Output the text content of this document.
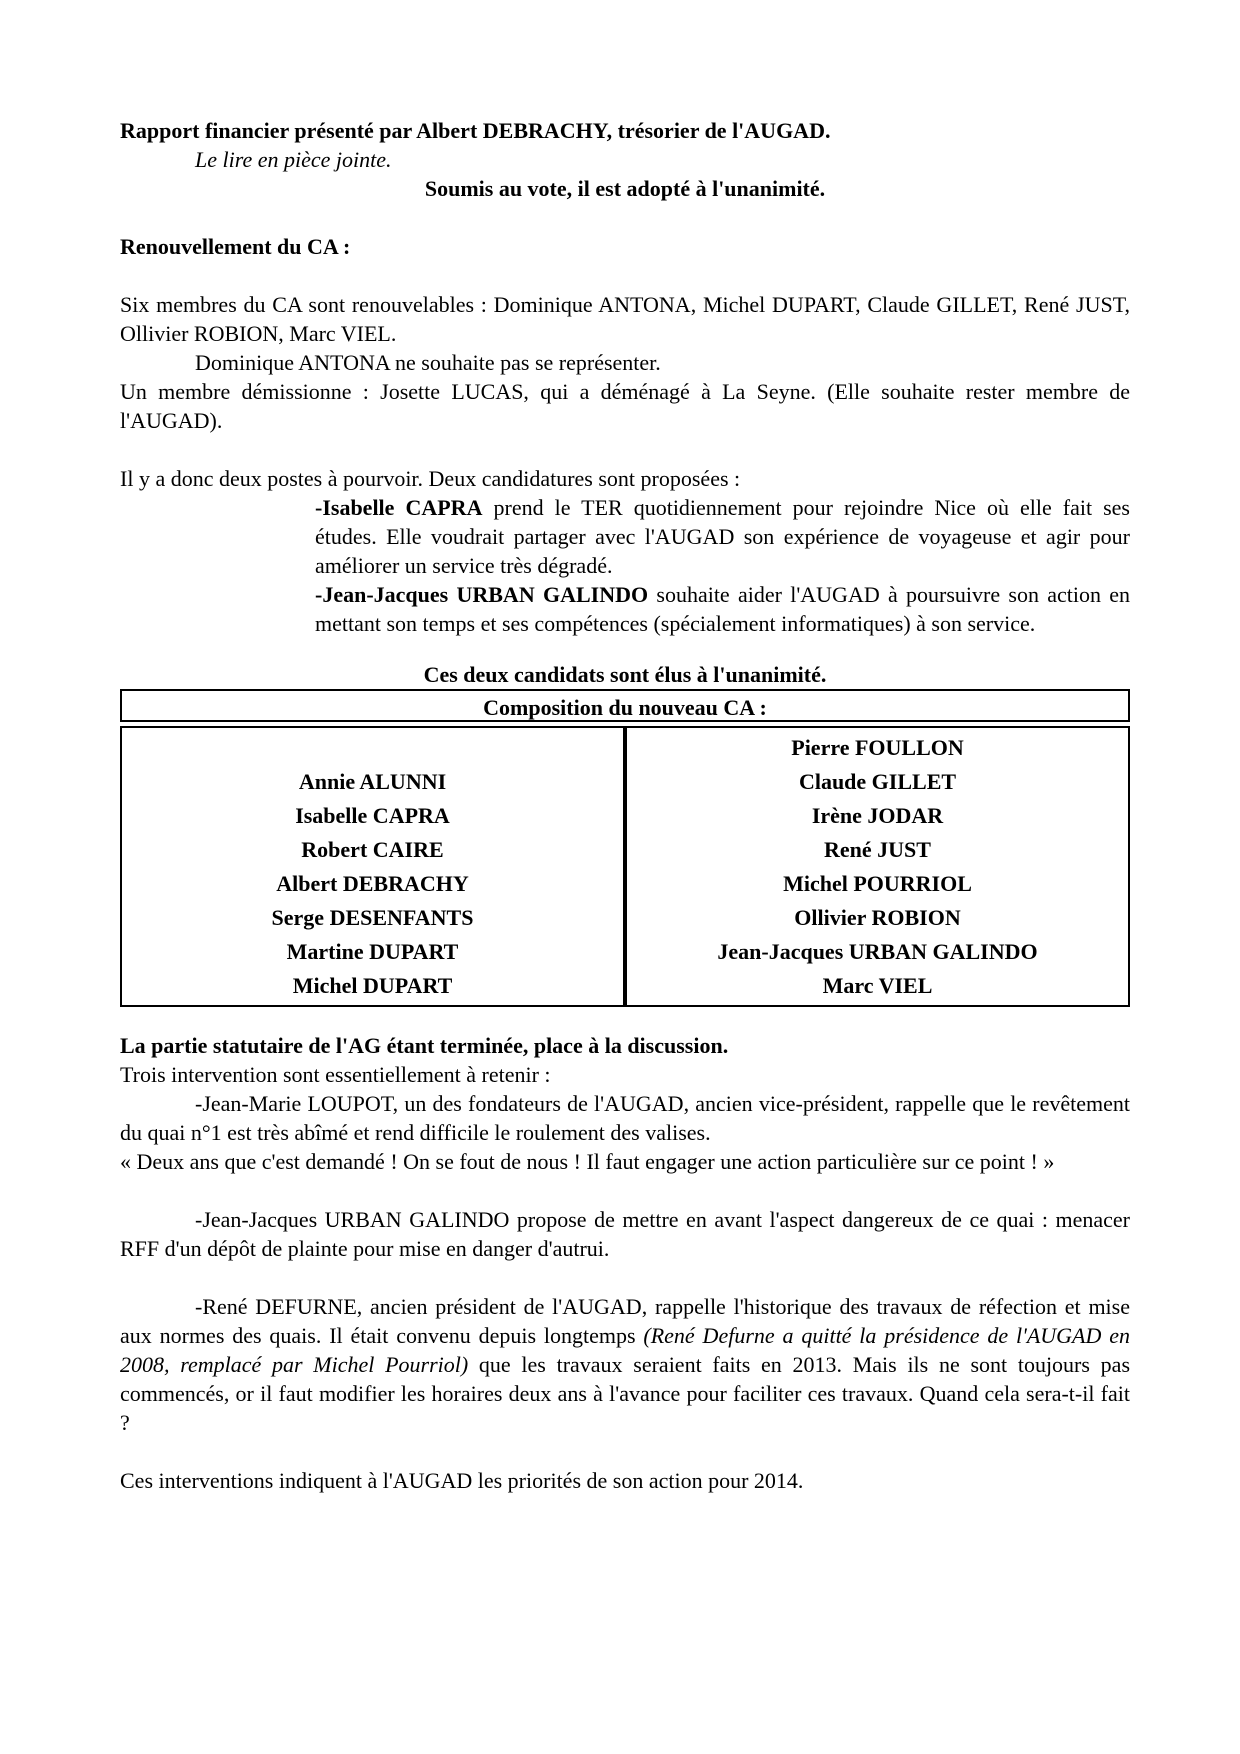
Rapport financier présenté par Albert DEBRACHY, trésorier de l'AUGAD.

Le lire en pièce jointe.

Soumis au vote, il est adopté à l'unanimité.

Renouvellement du CA :

Six membres du CA sont renouvelables : Dominique ANTONA, Michel DUPART, Claude GILLET, René JUST, Ollivier ROBION, Marc VIEL.

Dominique ANTONA ne souhaite pas se représenter.

Un membre démissionne : Josette LUCAS, qui a déménagé à La Seyne. (Elle souhaite rester membre de l'AUGAD).

Il y a donc deux postes à pourvoir. Deux candidatures sont proposées :

-Isabelle CAPRA prend le TER quotidiennement pour rejoindre Nice où elle fait ses études. Elle voudrait partager avec l'AUGAD son expérience de voyageuse et agir pour améliorer un service très dégradé.

-Jean-Jacques URBAN GALINDO souhaite aider l'AUGAD à poursuivre son action en mettant son temps et ses compétences (spécialement informatiques) à son service.

Ces deux candidats sont élus à l'unanimité.

Composition du nouveau CA :
Annie ALUNNI
Isabelle CAPRA
Robert CAIRE
Albert DEBRACHY
Serge DESENFANTS
Martine DUPART
Michel DUPART
Pierre FOULLON
Claude GILLET
Irène JODAR
René JUST
Michel POURRIOL
Ollivier ROBION
Jean-Jacques URBAN GALINDO
Marc VIEL

La partie statutaire de l'AG étant terminée, place à la discussion.

Trois intervention sont essentiellement à retenir :

-Jean-Marie LOUPOT, un des fondateurs de l'AUGAD, ancien vice-président, rappelle que le revêtement du quai n°1 est très abîmé et rend difficile le roulement des valises.

« Deux ans que c'est demandé ! On se fout de nous ! Il faut engager une action particulière sur ce point ! »

-Jean-Jacques URBAN GALINDO propose de mettre en avant l'aspect dangereux de ce quai : menacer RFF d'un dépôt de plainte pour mise en danger d'autrui.

-René DEFURNE, ancien président de l'AUGAD, rappelle l'historique des travaux de réfection et mise aux normes des quais. Il était convenu depuis longtemps (René Defurne a quitté la présidence de l'AUGAD en 2008, remplacé par Michel Pourriol) que les travaux seraient faits en 2013. Mais ils ne sont toujours pas commencés, or il faut modifier les horaires deux ans à l'avance pour faciliter ces travaux. Quand cela sera-t-il fait ?

Ces interventions indiquent à l'AUGAD les priorités de son action pour 2014.
